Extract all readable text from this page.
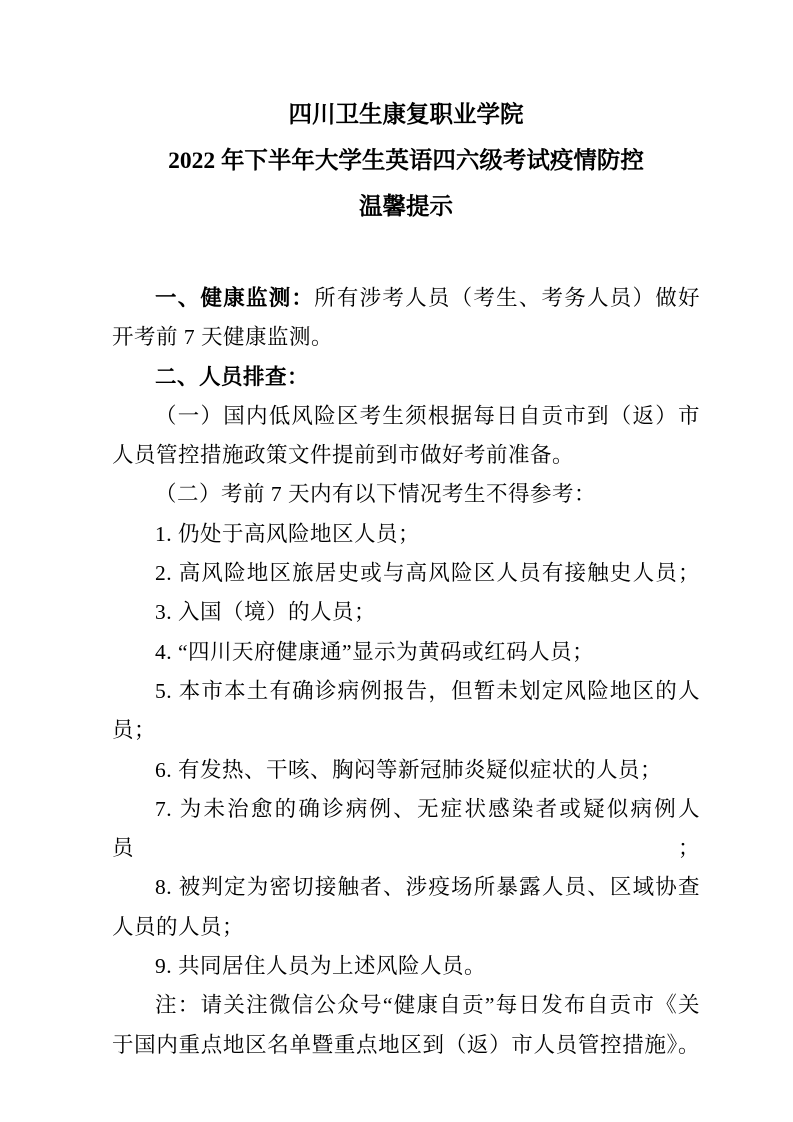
四川卫生康复职业学院
2022 年下半年大学生英语四六级考试疫情防控
温馨提示
一、健康监测：所有涉考人员（考生、考务人员）做好
开考前 7 天健康监测。
二、人员排查：
（一）国内低风险区考生须根据每日自贡市到（返）市
人员管控措施政策文件提前到市做好考前准备。
（二）考前 7 天内有以下情况考生不得参考：
1. 仍处于高风险地区人员；
2. 高风险地区旅居史或与高风险区人员有接触史人员；
3. 入国（境）的人员；
4. “四川天府健康通”显示为黄码或红码人员；
5. 本市本土有确诊病例报告，但暂未划定风险地区的人
员；
6. 有发热、干咳、胸闷等新冠肺炎疑似症状的人员；
7. 为未治愈的确诊病例、无症状感染者或疑似病例人员；
8. 被判定为密切接触者、涉疫场所暴露人员、区域协查
人员的人员；
9. 共同居住人员为上述风险人员。
注：请关注微信公众号“健康自贡”每日发布自贡市《关
于国内重点地区名单暨重点地区到（返）市人员管控措施》。
